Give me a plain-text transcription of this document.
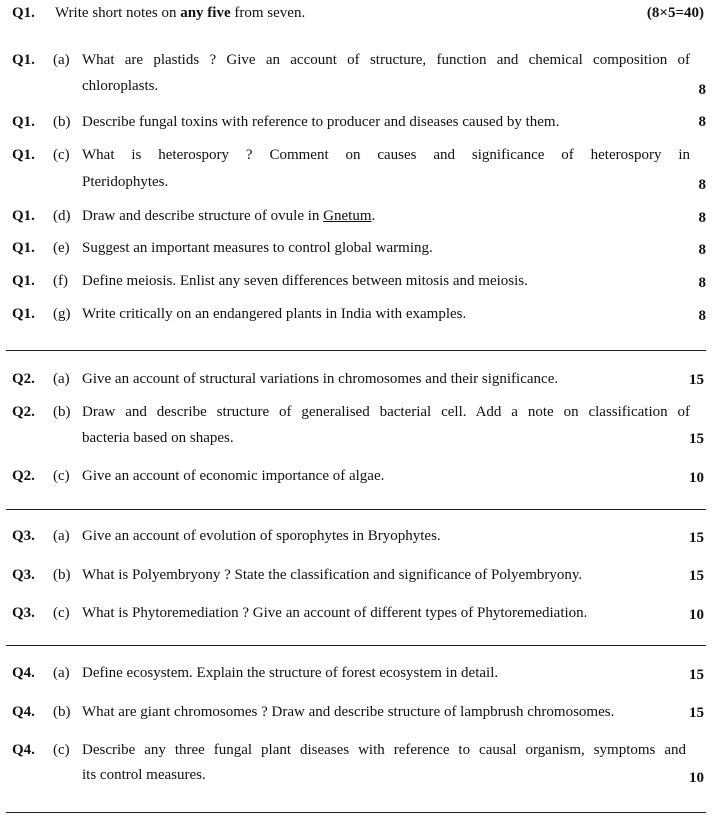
Q1. Write short notes on any five from seven.	(8×5=40)
Q1. (a) What are plastids ? Give an account of structure, function and chemical composition of
chloroplasts.	8
Q1. (b) Describe fungal toxins with reference to producer and diseases caused by them.	8
Q1. (c) What is heterospory ? Comment on causes and significance of heterospory in
Pteridophytes.	8
Q1. (d) Draw and describe structure of ovule in Gnetum.	8
Q1. (e) Suggest an important measures to control global warming.	8
Q1. (f) Define meiosis. Enlist any seven differences between mitosis and meiosis.	8
Q1. (g) Write critically on an endangered plants in India with examples.	8
Q2. (a) Give an account of structural variations in chromosomes and their significance.	15
Q2. (b) Draw and describe structure of generalised bacterial cell. Add a note on classification of
bacteria based on shapes.	15
Q2. (c) Give an account of economic importance of algae.	10
Q3. (a) Give an account of evolution of sporophytes in Bryophytes.	15
Q3. (b) What is Polyembryony ? State the classification and significance of Polyembryony.	15
Q3. (c) What is Phytoremediation ? Give an account of different types of Phytoremediation.	10
Q4. (a) Define ecosystem. Explain the structure of forest ecosystem in detail.	15
Q4. (b) What are giant chromosomes ? Draw and describe structure of lampbrush chromosomes.	15
Q4. (c) Describe any three fungal plant diseases with reference to causal organism, symptoms and
its control measures.	10
